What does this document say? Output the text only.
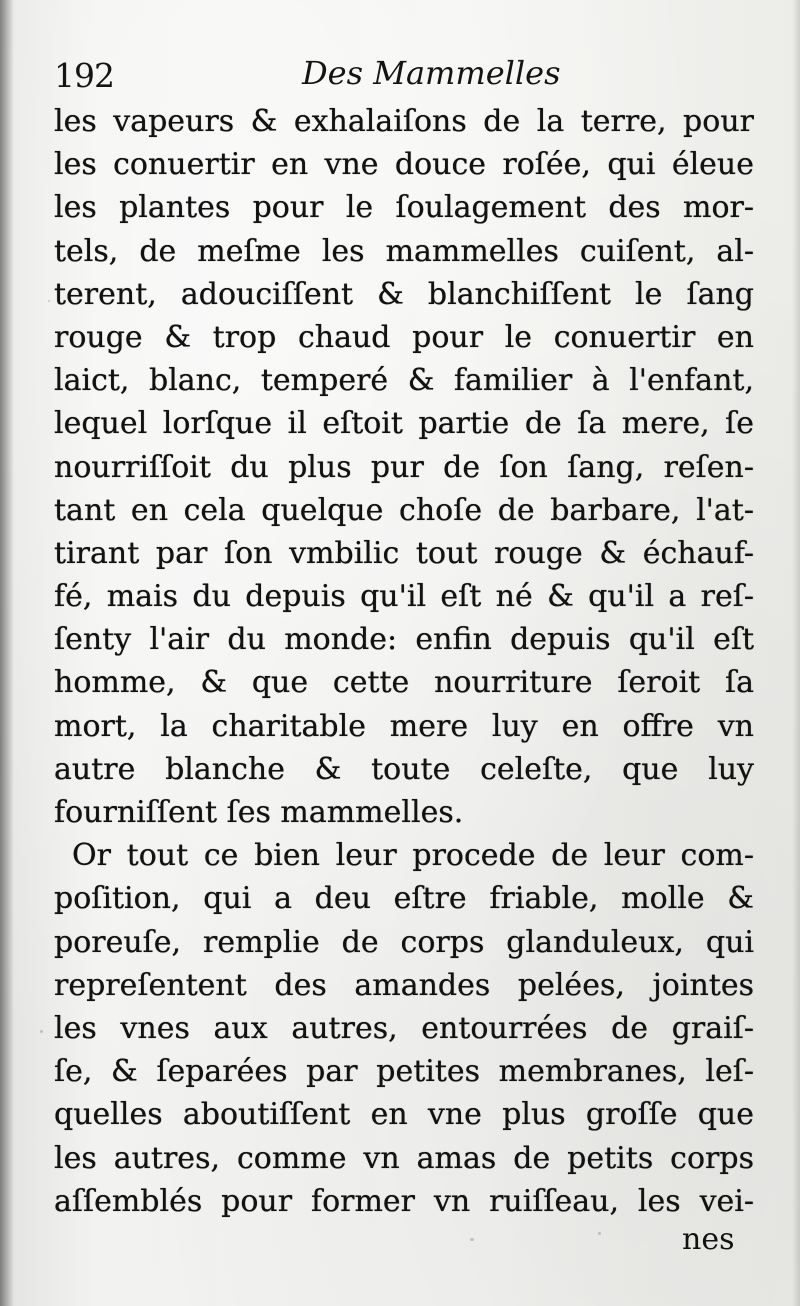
192	Des Mammelles
les vapeurs & exhalaiſons de la terre, pour
les conuertir en vne douce roſée, qui éleue
les plantes pour le ſoulagement des mor-
tels, de meſme les mammelles cuiſent, al-
terent, adouciſſent & blanchiſſent le ſang
rouge & trop chaud pour le conuertir en
laict, blanc, temperé & familier à l'enfant,
lequel lorſque il eſtoit partie de ſa mere, ſe
nourriſſoit du plus pur de ſon ſang, reſen-
tant en cela quelque choſe de barbare, l'at-
tirant par ſon vmbilic tout rouge & échauf-
fé, mais du depuis qu'il eſt né & qu'il a reſ-
ſenty l'air du monde: enfin depuis qu'il eſt
homme, & que cette nourriture ſeroit ſa
mort, la charitable mere luy en offre vn
autre blanche & toute celeſte, que luy
fourniſſent ſes mammelles.
Or tout ce bien leur procede de leur com-
poſition, qui a deu eſtre friable, molle &
poreuſe, remplie de corps glanduleux, qui
repreſentent des amandes pelées, jointes
les vnes aux autres, entourrées de graiſ-
ſe, & ſeparées par petites membranes, leſ-
quelles aboutiſſent en vne plus groſſe que
les autres, comme vn amas de petits corps
aſſemblés pour former vn ruiſſeau, les vei-
nes
